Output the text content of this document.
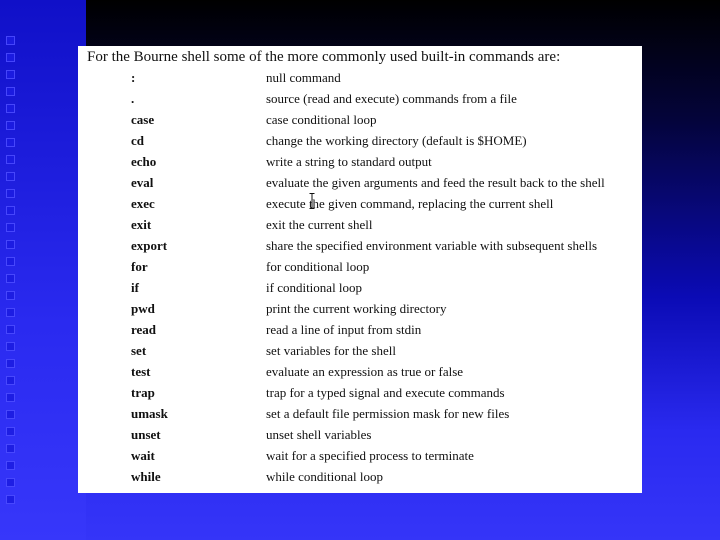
For the Bourne shell some of the more commonly used built-in commands are:

:	null command
.	source (read and execute) commands from a file
case	case conditional loop
cd	change the working directory (default is $HOME)
echo	write a string to standard output
eval	evaluate the given arguments and feed the result back to the shell
exec	execute the given command, replacing the current shell
exit	exit the current shell
export	share the specified environment variable with subsequent shells
for	for conditional loop
if	if conditional loop
pwd	print the current working directory
read	read a line of input from stdin
set	set variables for the shell
test	evaluate an expression as true or false
trap	trap for a typed signal and execute commands
umask	set a default file permission mask for new files
unset	unset shell variables
wait	wait for a specified process to terminate
while	while conditional loop
